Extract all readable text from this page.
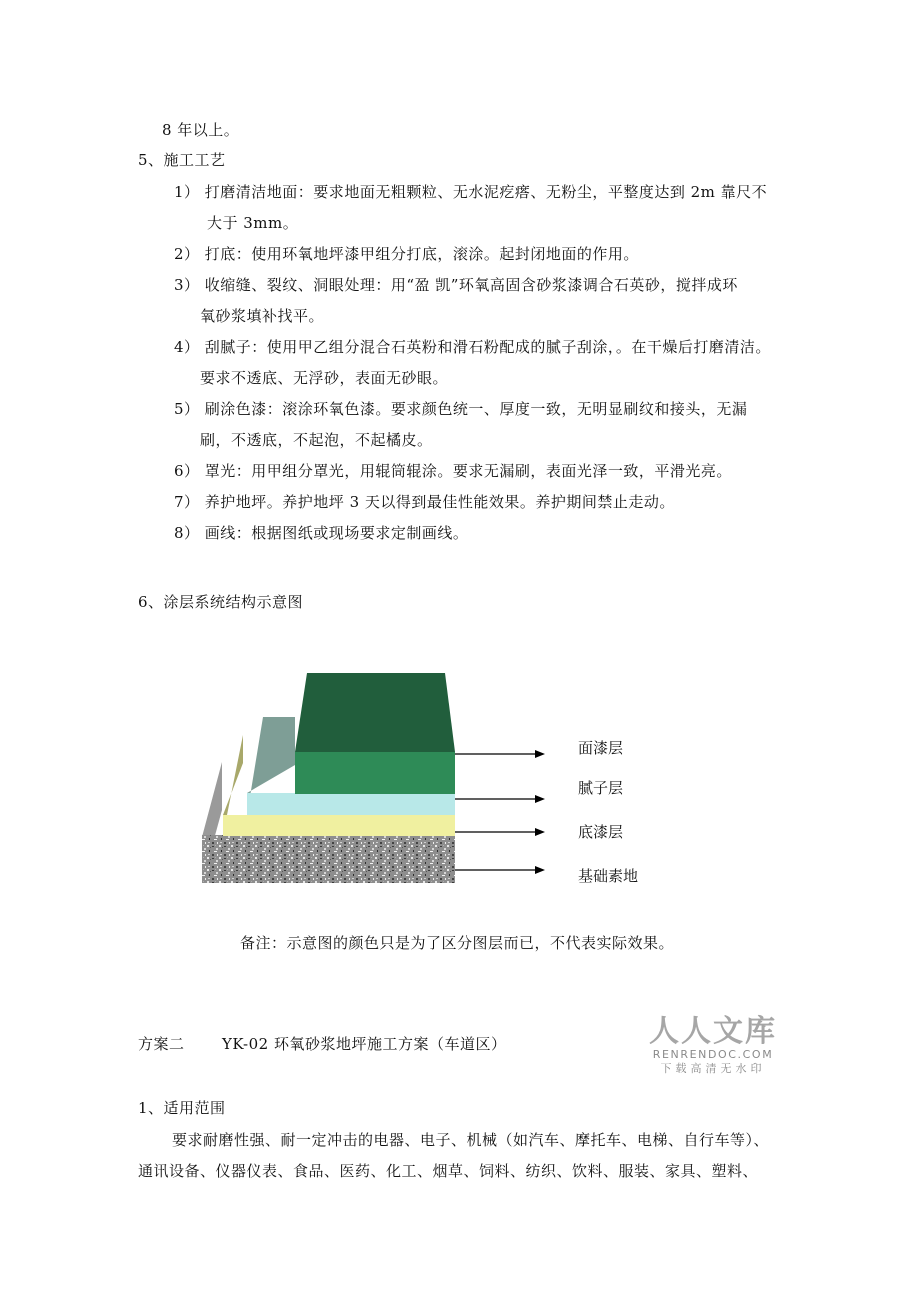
8 年以上。
5、施工工艺
1） 打磨清洁地面：要求地面无粗颗粒、无水泥疙瘩、无粉尘，平整度达到 2m 靠尺不
大于 3mm。
2） 打底：使用环氧地坪漆甲组分打底，滚涂。起封闭地面的作用。
3） 收缩缝、裂纹、洞眼处理：用“盈 凯”环氧高固含砂浆漆调合石英砂，搅拌成环
氧砂浆填补找平。
4） 刮腻子：使用甲乙组分混合石英粉和滑石粉配成的腻子刮涂，。在干燥后打磨清洁。
要求不透底、无浮砂，表面无砂眼。
5） 刷涂色漆：滚涂环氧色漆。要求颜色统一、厚度一致，无明显刷纹和接头，无漏
刷，不透底，不起泡，不起橘皮。
6） 罩光：用甲组分罩光，用辊筒辊涂。要求无漏刷，表面光泽一致，平滑光亮。
7） 养护地坪。养护地坪 3 天以得到最佳性能效果。养护期间禁止走动。
8） 画线：根据图纸或现场要求定制画线。
6、涂层系统结构示意图
面漆层
腻子层
底漆层
基础素地
备注：示意图的颜色只是为了区分图层而已，不代表实际效果。
方案二 YK-02 环氧砂浆地坪施工方案（车道区）	人人文库
RENRENDOC.COM
下载高清无水印
1、适用范围
要求耐磨性强、耐一定冲击的电器、电子、机械（如汽车、摩托车、电梯、自行车等）、
通讯设备、仪器仪表、食品、医药、化工、烟草、饲料、纺织、饮料、服装、家具、塑料、
